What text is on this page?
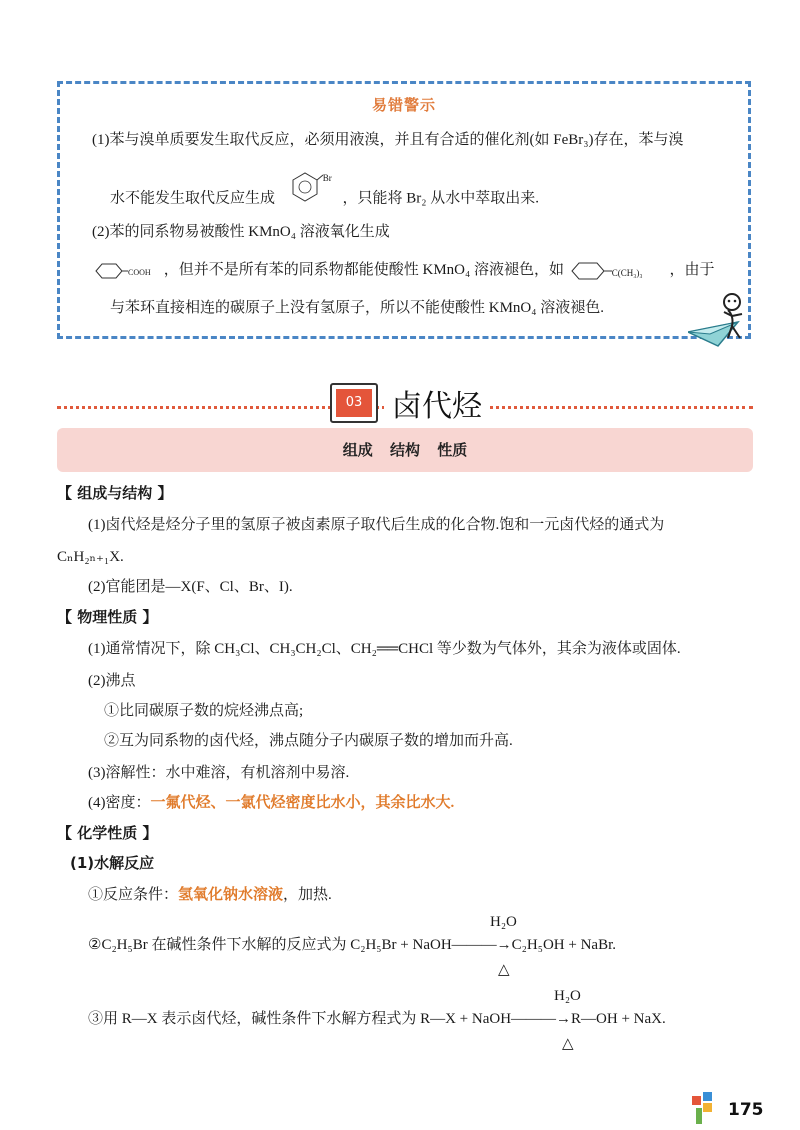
易错警示
(1)苯与溴单质要发生取代反应，必须用液溴，并且有合适的催化剂(如 FeBr₃)存在，苯与溴
水不能发生取代反应生成
Br
，只能将 Br₂ 从水中萃取出来.
(2)苯的同系物易被酸性 KMnO₄ 溶液氧化生成
COOH ，但并不是所有苯的同系物都能使酸性 KMnO₄ 溶液褪色，如	C(CH₃)₃ ，由于
与苯环直接相连的碳原子上没有氢原子，所以不能使酸性 KMnO₄ 溶液褪色.
03 卤代烃
组成 结构 性质
【 组成与结构 】
(1)卤代烃是烃分子里的氢原子被卤素原子取代后生成的化合物.饱和一元卤代烃的通式为
CₙH₂ₙ₊₁X.
(2)官能团是—X(F、Cl、Br、I).
【 物理性质 】
(1)通常情况下，除 CH₃Cl、CH₃CH₂Cl、CH₂══CHCl 等少数为气体外，其余为液体或固体.
(2)沸点
①比同碳原子数的烷烃沸点高;
②互为同系物的卤代烃，沸点随分子内碳原子数的增加而升高.
(3)溶解性：水中难溶，有机溶剂中易溶.
(4)密度：一氟代烃、一氯代烃密度比水小，其余比水大.
【 化学性质 】
(1)水解反应
①反应条件：氢氧化钠水溶液，加热.
H₂O
②C₂H₅Br 在碱性条件下水解的反应式为 C₂H₅Br + NaOH———→C₂H₅OH + NaBr.
△
H₂O
③用 R—X 表示卤代烃，碱性条件下水解方程式为 R—X + NaOH———→R—OH + NaX.
△
175
